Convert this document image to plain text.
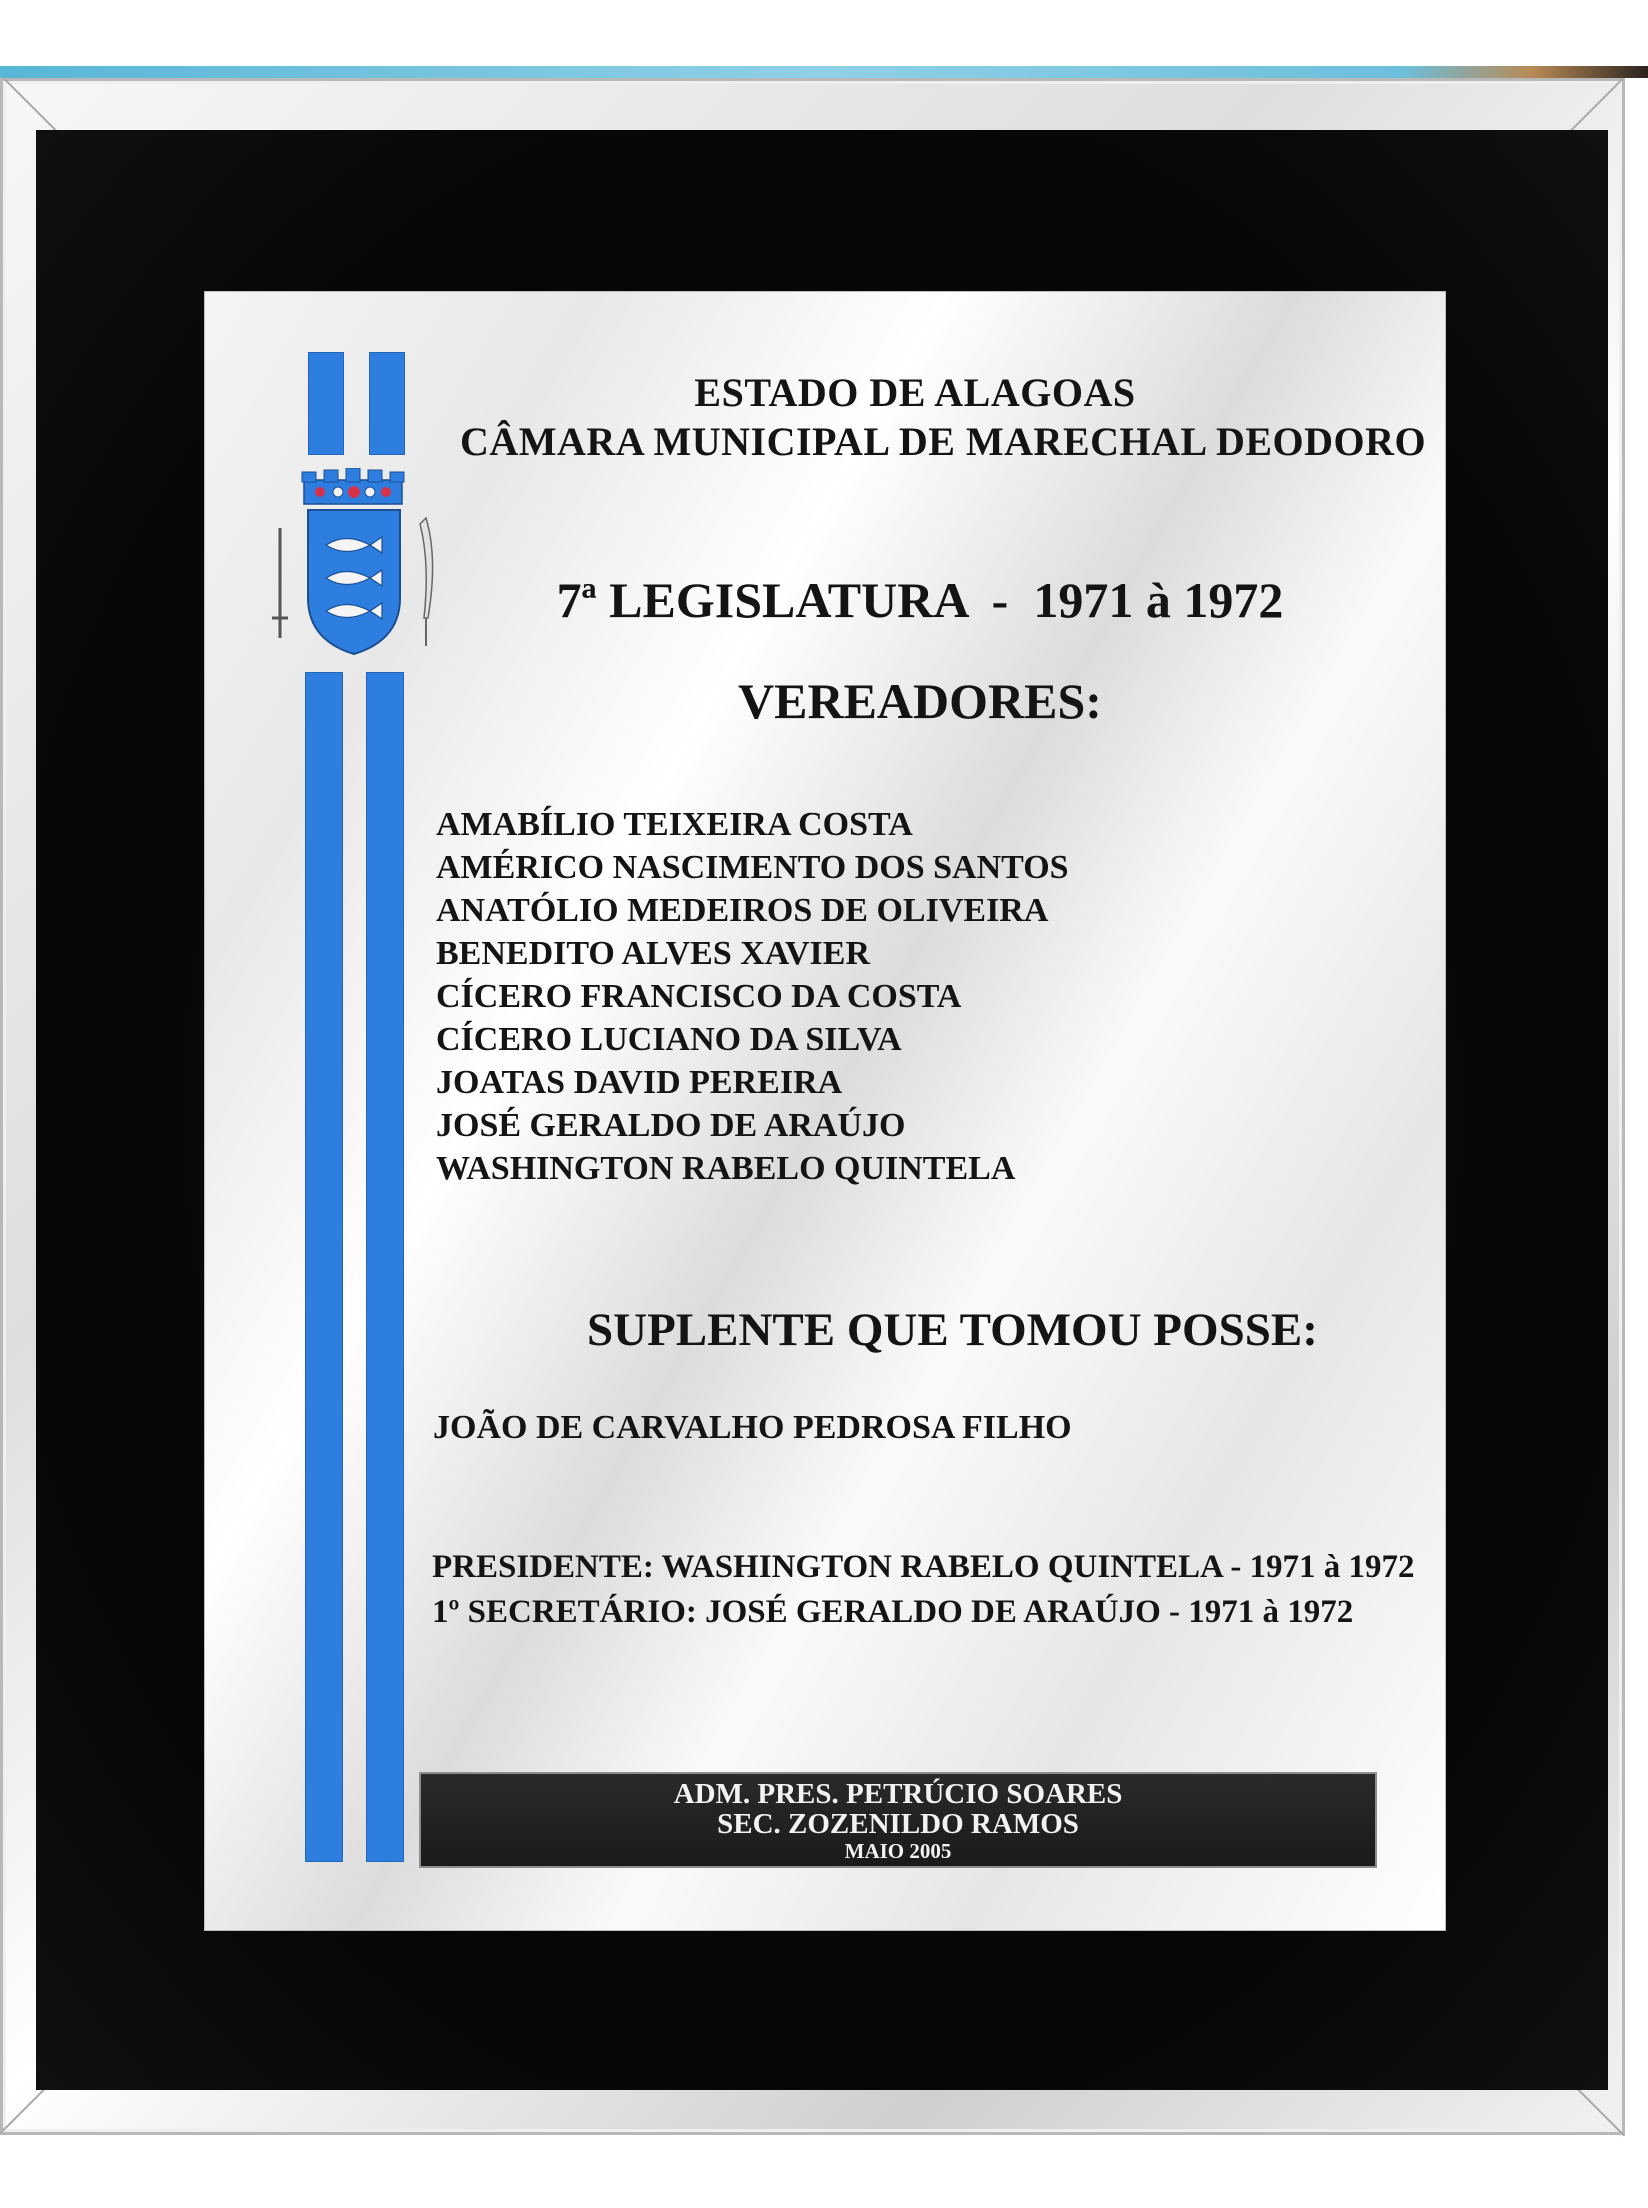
ESTADO DE ALAGOAS
CÂMARA MUNICIPAL DE MARECHAL DEODORO
7ª LEGISLATURA  -  1971 à 1972
VEREADORES:
AMABÍLIO TEIXEIRA COSTA
AMÉRICO NASCIMENTO DOS SANTOS
ANATÓLIO MEDEIROS DE OLIVEIRA
BENEDITO ALVES XAVIER
CÍCERO FRANCISCO DA COSTA
CÍCERO LUCIANO DA SILVA
JOATAS DAVID PEREIRA
JOSÉ GERALDO DE ARAÚJO
WASHINGTON RABELO QUINTELA
SUPLENTE QUE TOMOU POSSE:
JOÃO DE CARVALHO PEDROSA FILHO
PRESIDENTE: WASHINGTON RABELO QUINTELA - 1971 à 1972
1º SECRETÁRIO: JOSÉ GERALDO DE ARAÚJO - 1971 à 1972
ADM. PRES. PETRÚCIO SOARES
SEC. ZOZENILDO RAMOS
MAIO 2005
